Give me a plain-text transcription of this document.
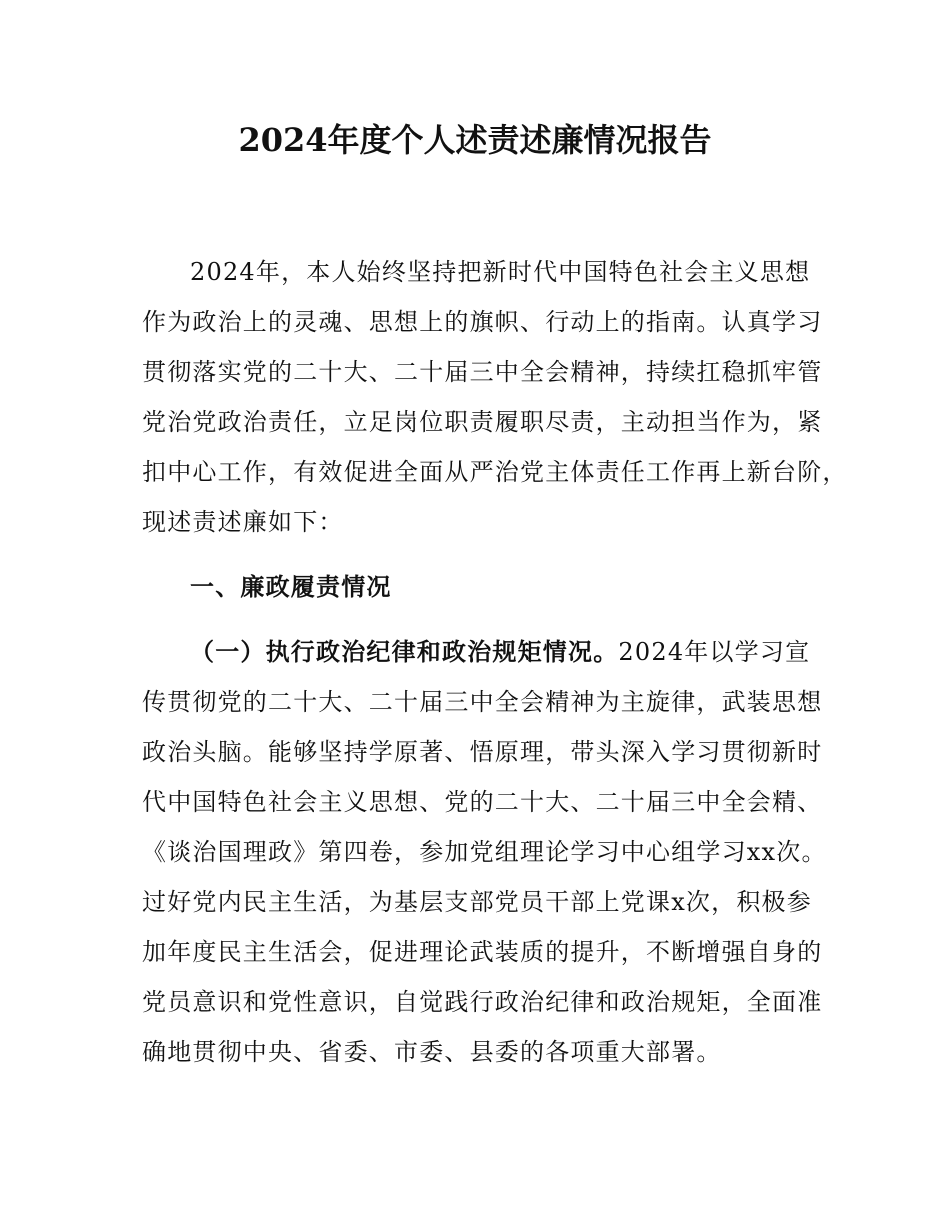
2024年度个人述责述廉情况报告
2024年，本人始终坚持把新时代中国特色社会主义思想
作为政治上的灵魂、思想上的旗帜、行动上的指南。认真学习
贯彻落实党的二十大、二十届三中全会精神，持续扛稳抓牢管
党治党政治责任，立足岗位职责履职尽责，主动担当作为，紧
扣中心工作，有效促进全面从严治党主体责任工作再上新台阶，
现述责述廉如下：
一、廉政履责情况
（一）执行政治纪律和政治规矩情况。2024年以学习宣
传贯彻党的二十大、二十届三中全会精神为主旋律，武装思想
政治头脑。能够坚持学原著、悟原理，带头深入学习贯彻新时
代中国特色社会主义思想、党的二十大、二十届三中全会精、
《谈治国理政》第四卷，参加党组理论学习中心组学习xx次。
过好党内民主生活，为基层支部党员干部上党课x次，积极参
加年度民主生活会，促进理论武装质的提升，不断增强自身的
党员意识和党性意识，自觉践行政治纪律和政治规矩，全面准
确地贯彻中央、省委、市委、县委的各项重大部署。
